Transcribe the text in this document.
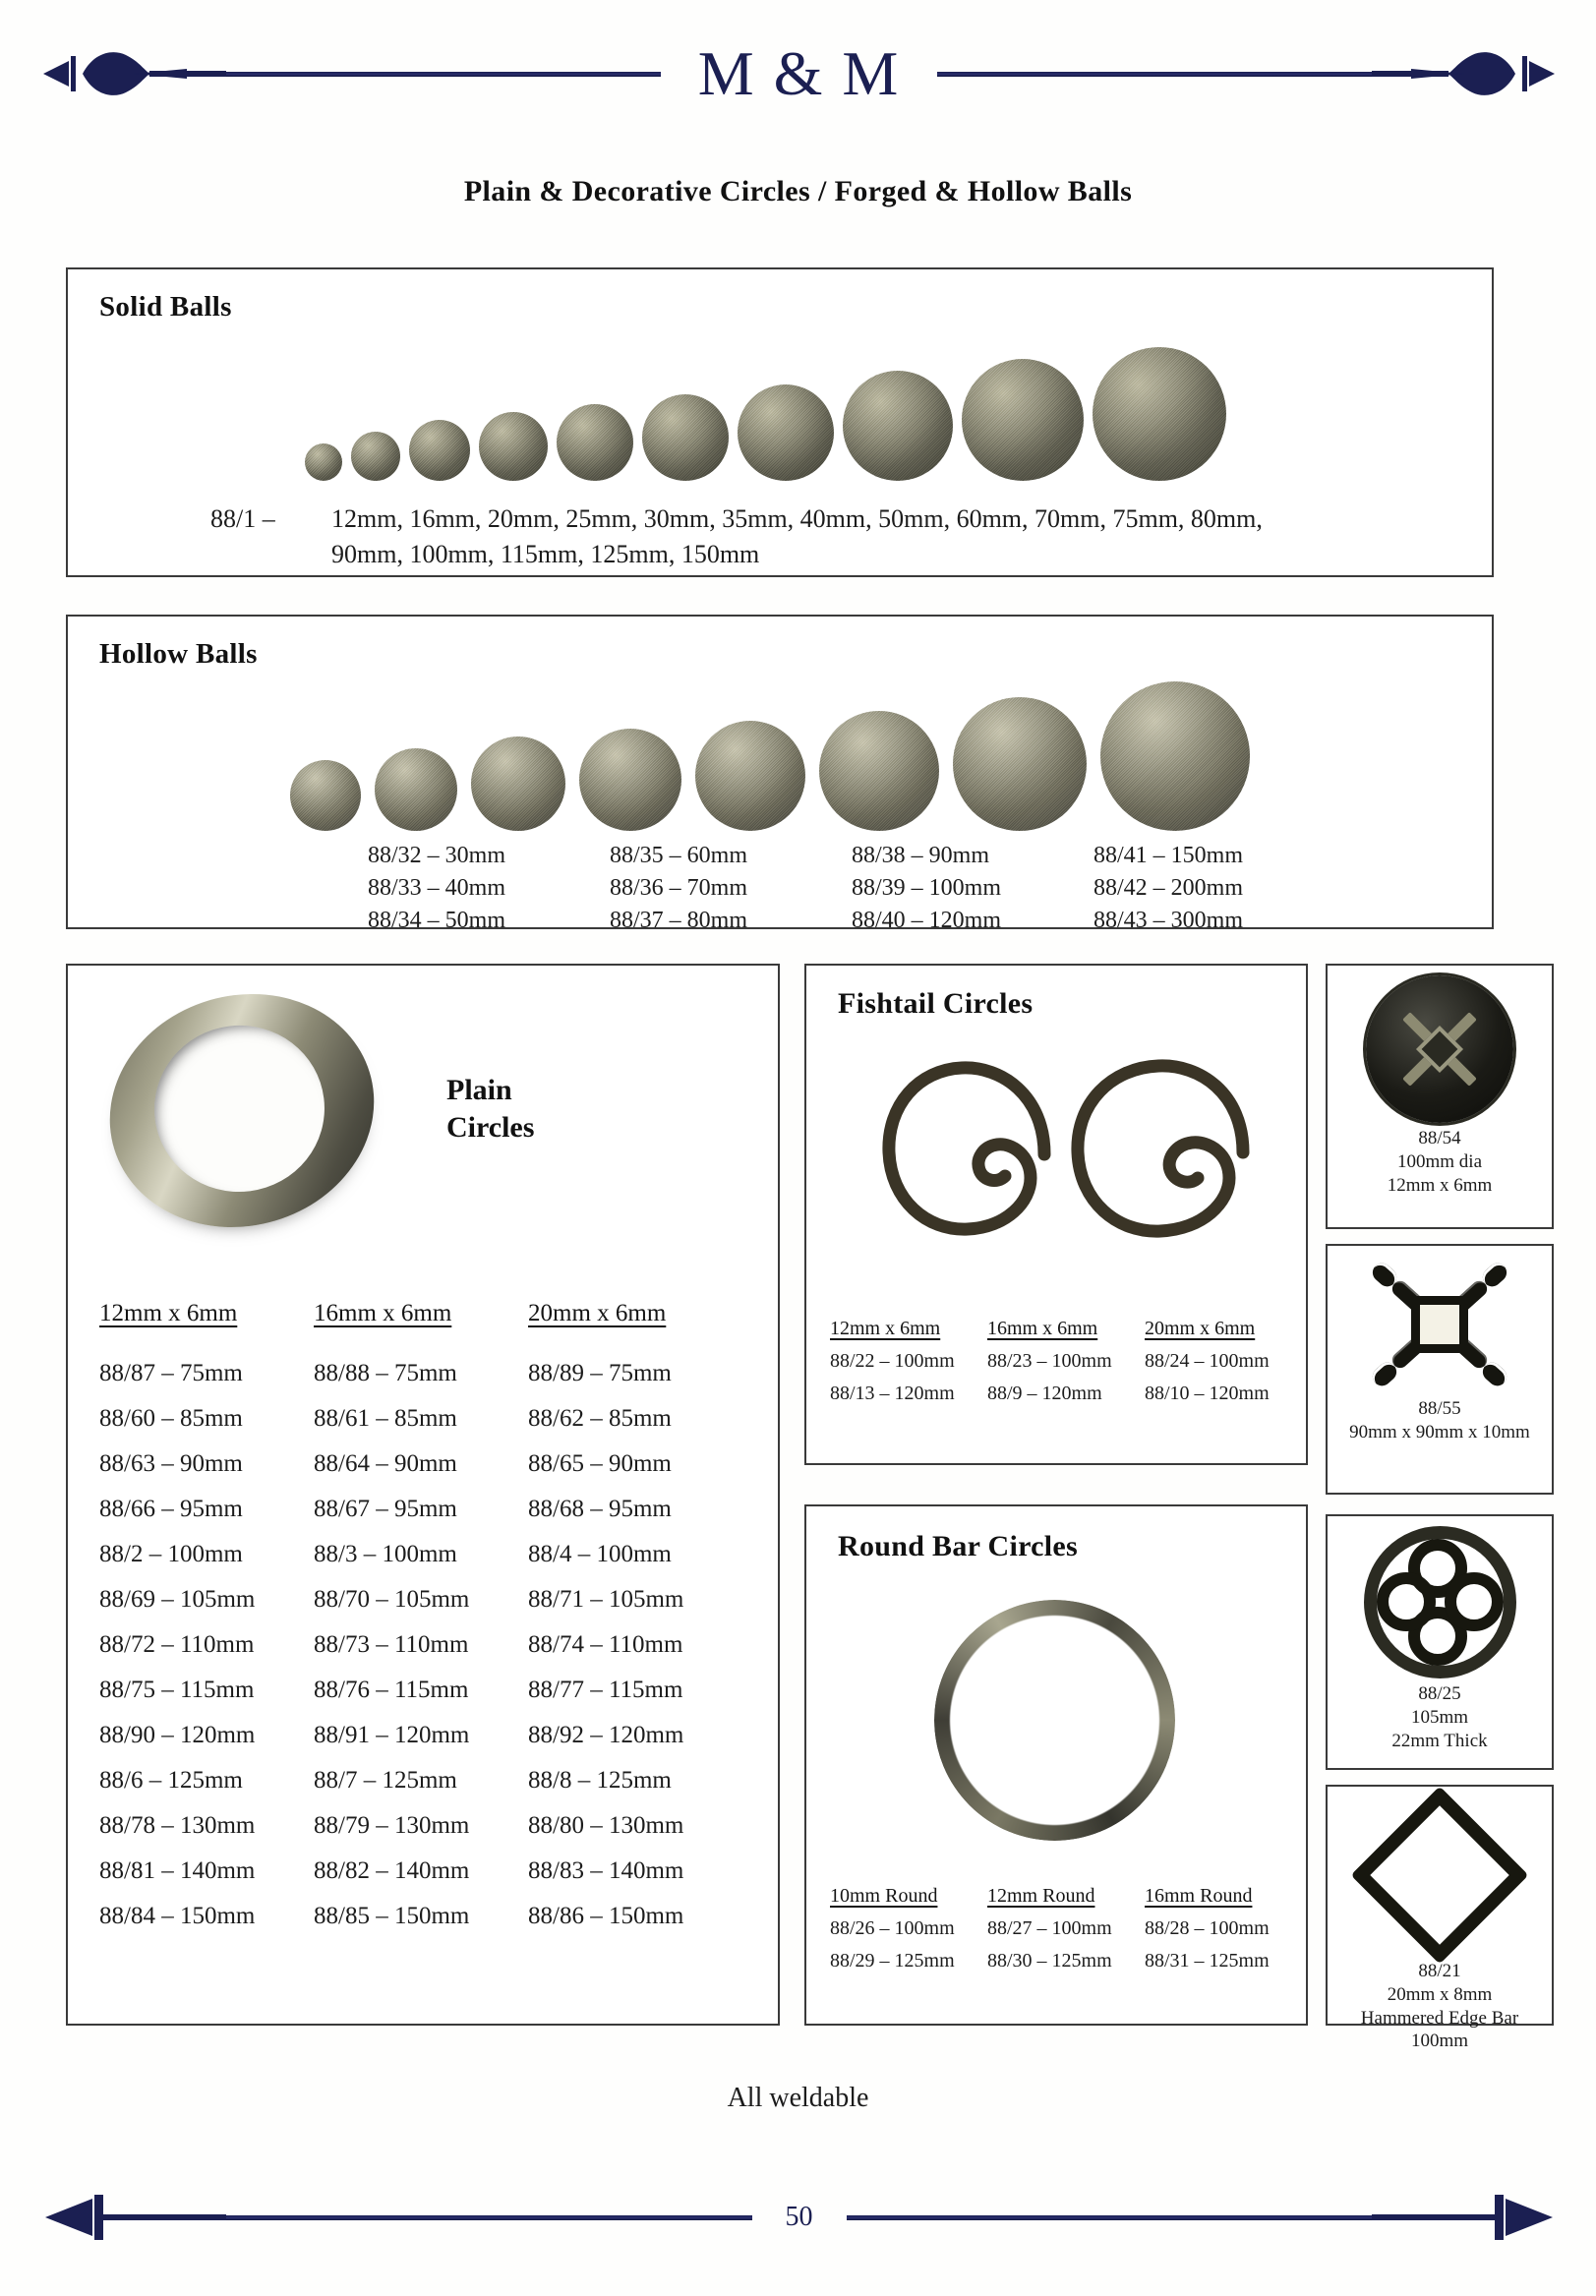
M & M
Plain & Decorative Circles / Forged & Hollow Balls
Solid Balls
88/1 – 12mm, 16mm, 20mm, 25mm, 30mm, 35mm, 40mm, 50mm, 60mm, 70mm, 75mm, 80mm,
90mm, 100mm, 115mm, 125mm, 150mm
Hollow Balls
88/32 – 30mm	88/35 – 60mm	88/38 – 90mm	88/41 – 150mm
88/33 – 40mm	88/36 – 70mm	88/39 – 100mm	88/42 – 200mm
88/34 – 50mm	88/37 – 80mm	88/40 – 120mm	88/43 – 300mm
Plain
Circles
12mm x 6mm	16mm x 6mm	20mm x 6mm
88/87 – 75mm	88/88 – 75mm	88/89 – 75mm
88/60 – 85mm	88/61 – 85mm	88/62 – 85mm
88/63 – 90mm	88/64 – 90mm	88/65 – 90mm
88/66 – 95mm	88/67 – 95mm	88/68 – 95mm
88/2 – 100mm	88/3 – 100mm	88/4 – 100mm
88/69 – 105mm	88/70 – 105mm	88/71 – 105mm
88/72 – 110mm	88/73 – 110mm	88/74 – 110mm
88/75 – 115mm	88/76 – 115mm	88/77 – 115mm
88/90 – 120mm	88/91 – 120mm	88/92 – 120mm
88/6 – 125mm	88/7 – 125mm	88/8 – 125mm
88/78 – 130mm	88/79 – 130mm	88/80 – 130mm
88/81 – 140mm	88/82 – 140mm	88/83 – 140mm
88/84 – 150mm	88/85 – 150mm	88/86 – 150mm
Fishtail Circles
12mm x 6mm	16mm x 6mm	20mm x 6mm
88/22 – 100mm	88/23 – 100mm	88/24 – 100mm
88/13 – 120mm	88/9 – 120mm	88/10 – 120mm
Round Bar Circles
10mm Round	12mm Round	16mm Round
88/26 – 100mm	88/27 – 100mm	88/28 – 100mm
88/29 – 125mm	88/30 – 125mm	88/31 – 125mm
88/54
100mm dia
12mm x 6mm
88/55
90mm x 90mm x 10mm
88/25
105mm
22mm Thick
88/21
20mm x 8mm
Hammered Edge Bar
100mm
All weldable
50
